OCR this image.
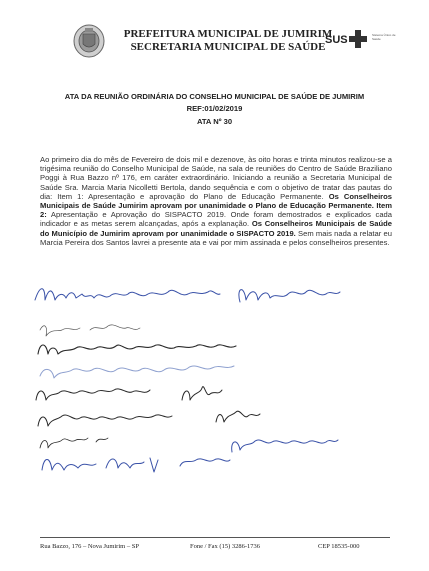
PREFEITURA MUNICIPAL DE JUMIRIM
SECRETARIA MUNICIPAL DE SAÚDE
SUS	Sistema Único de Saúde
ATA DA REUNIÃO ORDINÁRIA DO CONSELHO MUNICIPAL DE SAÚDE DE JUMIRIM
REF:01/02/2019
ATA Nº 30
Ao primeiro dia do mês de Fevereiro de dois mil e dezenove, às oito horas e trinta minutos realizou-se a trigésima reunião do Conselho Municipal de Saúde, na sala de reuniões do Centro de Saúde Braziliano Poggi à Rua Bazzo nº 176, em caráter extraordinário. Iniciando a reunião a Secretaria Municipal de Saúde Sra. Marcia Maria Nicolletti Bertola, dando sequência e com o objetivo de tratar das pautas do dia: Item 1: Apresentação e aprovação do Plano de Educação Permanente. Os Conselheiros Municipais de Saúde Jumirim aprovam por unanimidade o Plano de Educação Permanente. Item 2: Apresentação e Aprovação do SISPACTO 2019. Onde foram demostrados e explicados cada indicador e as metas serem alcançadas, após a explanação. Os Conselheiros Municipais de Saúde do Município de Jumirim aprovam por unanimidade o SISPACTO 2019. Sem mais nada a relatar eu Marcia Pereira dos Santos lavrei a presente ata e vai por mim assinada e pelos conselheiros presentes.
Rua Bazzo, 176 – Nova Jumirim – SP	Fone / Fax (15) 3286-1736	CEP 18535-000
